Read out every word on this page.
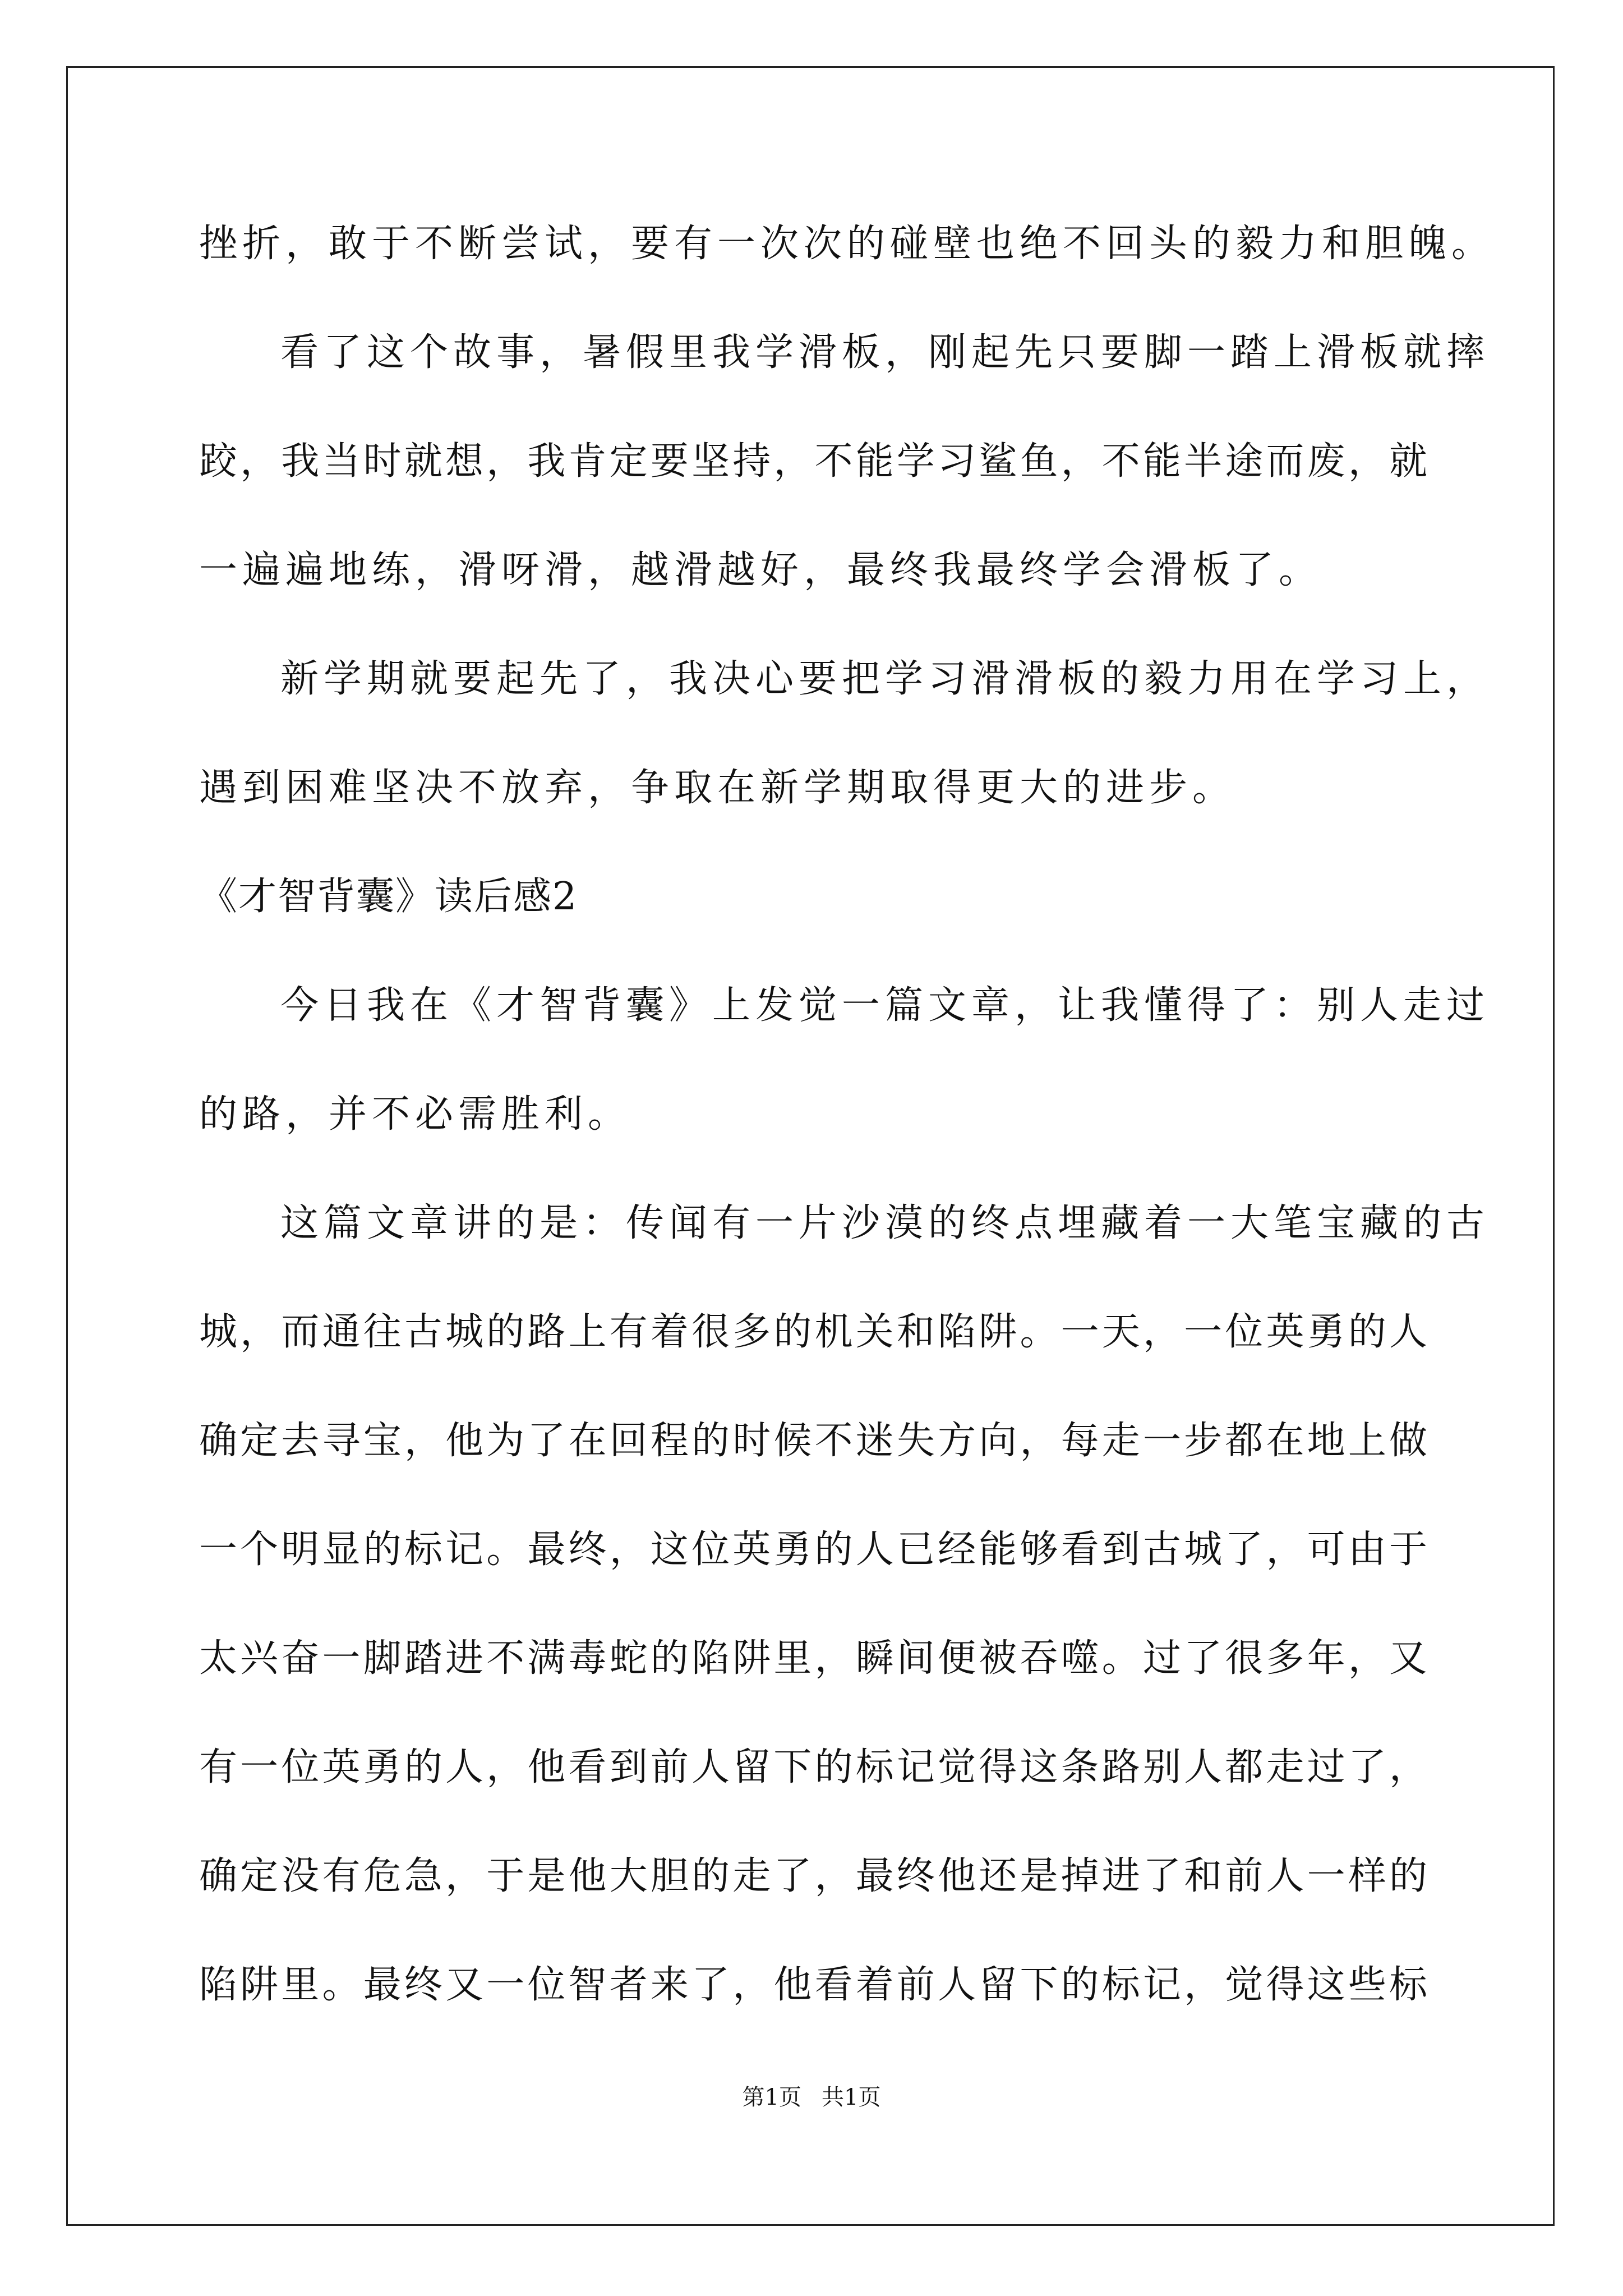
挫折，敢于不断尝试，要有一次次的碰壁也绝不回头的毅力和胆魄。
看了这个故事，暑假里我学滑板，刚起先只要脚一踏上滑板就摔
跤，我当时就想，我肯定要坚持，不能学习鲨鱼，不能半途而废，就
一遍遍地练，滑呀滑，越滑越好，最终我最终学会滑板了。
新学期就要起先了，我决心要把学习滑滑板的毅力用在学习上，
遇到困难坚决不放弃，争取在新学期取得更大的进步。
《才智背囊》读后感2
今日我在《才智背囊》上发觉一篇文章，让我懂得了：别人走过
的路，并不必需胜利。
这篇文章讲的是：传闻有一片沙漠的终点埋藏着一大笔宝藏的古
城，而通往古城的路上有着很多的机关和陷阱。一天，一位英勇的人
确定去寻宝，他为了在回程的时候不迷失方向，每走一步都在地上做
一个明显的标记。最终，这位英勇的人已经能够看到古城了，可由于
太兴奋一脚踏进不满毒蛇的陷阱里，瞬间便被吞噬。过了很多年，又
有一位英勇的人，他看到前人留下的标记觉得这条路别人都走过了，
确定没有危急，于是他大胆的走了，最终他还是掉进了和前人一样的
陷阱里。最终又一位智者来了，他看着前人留下的标记，觉得这些标
第1页 共1页
